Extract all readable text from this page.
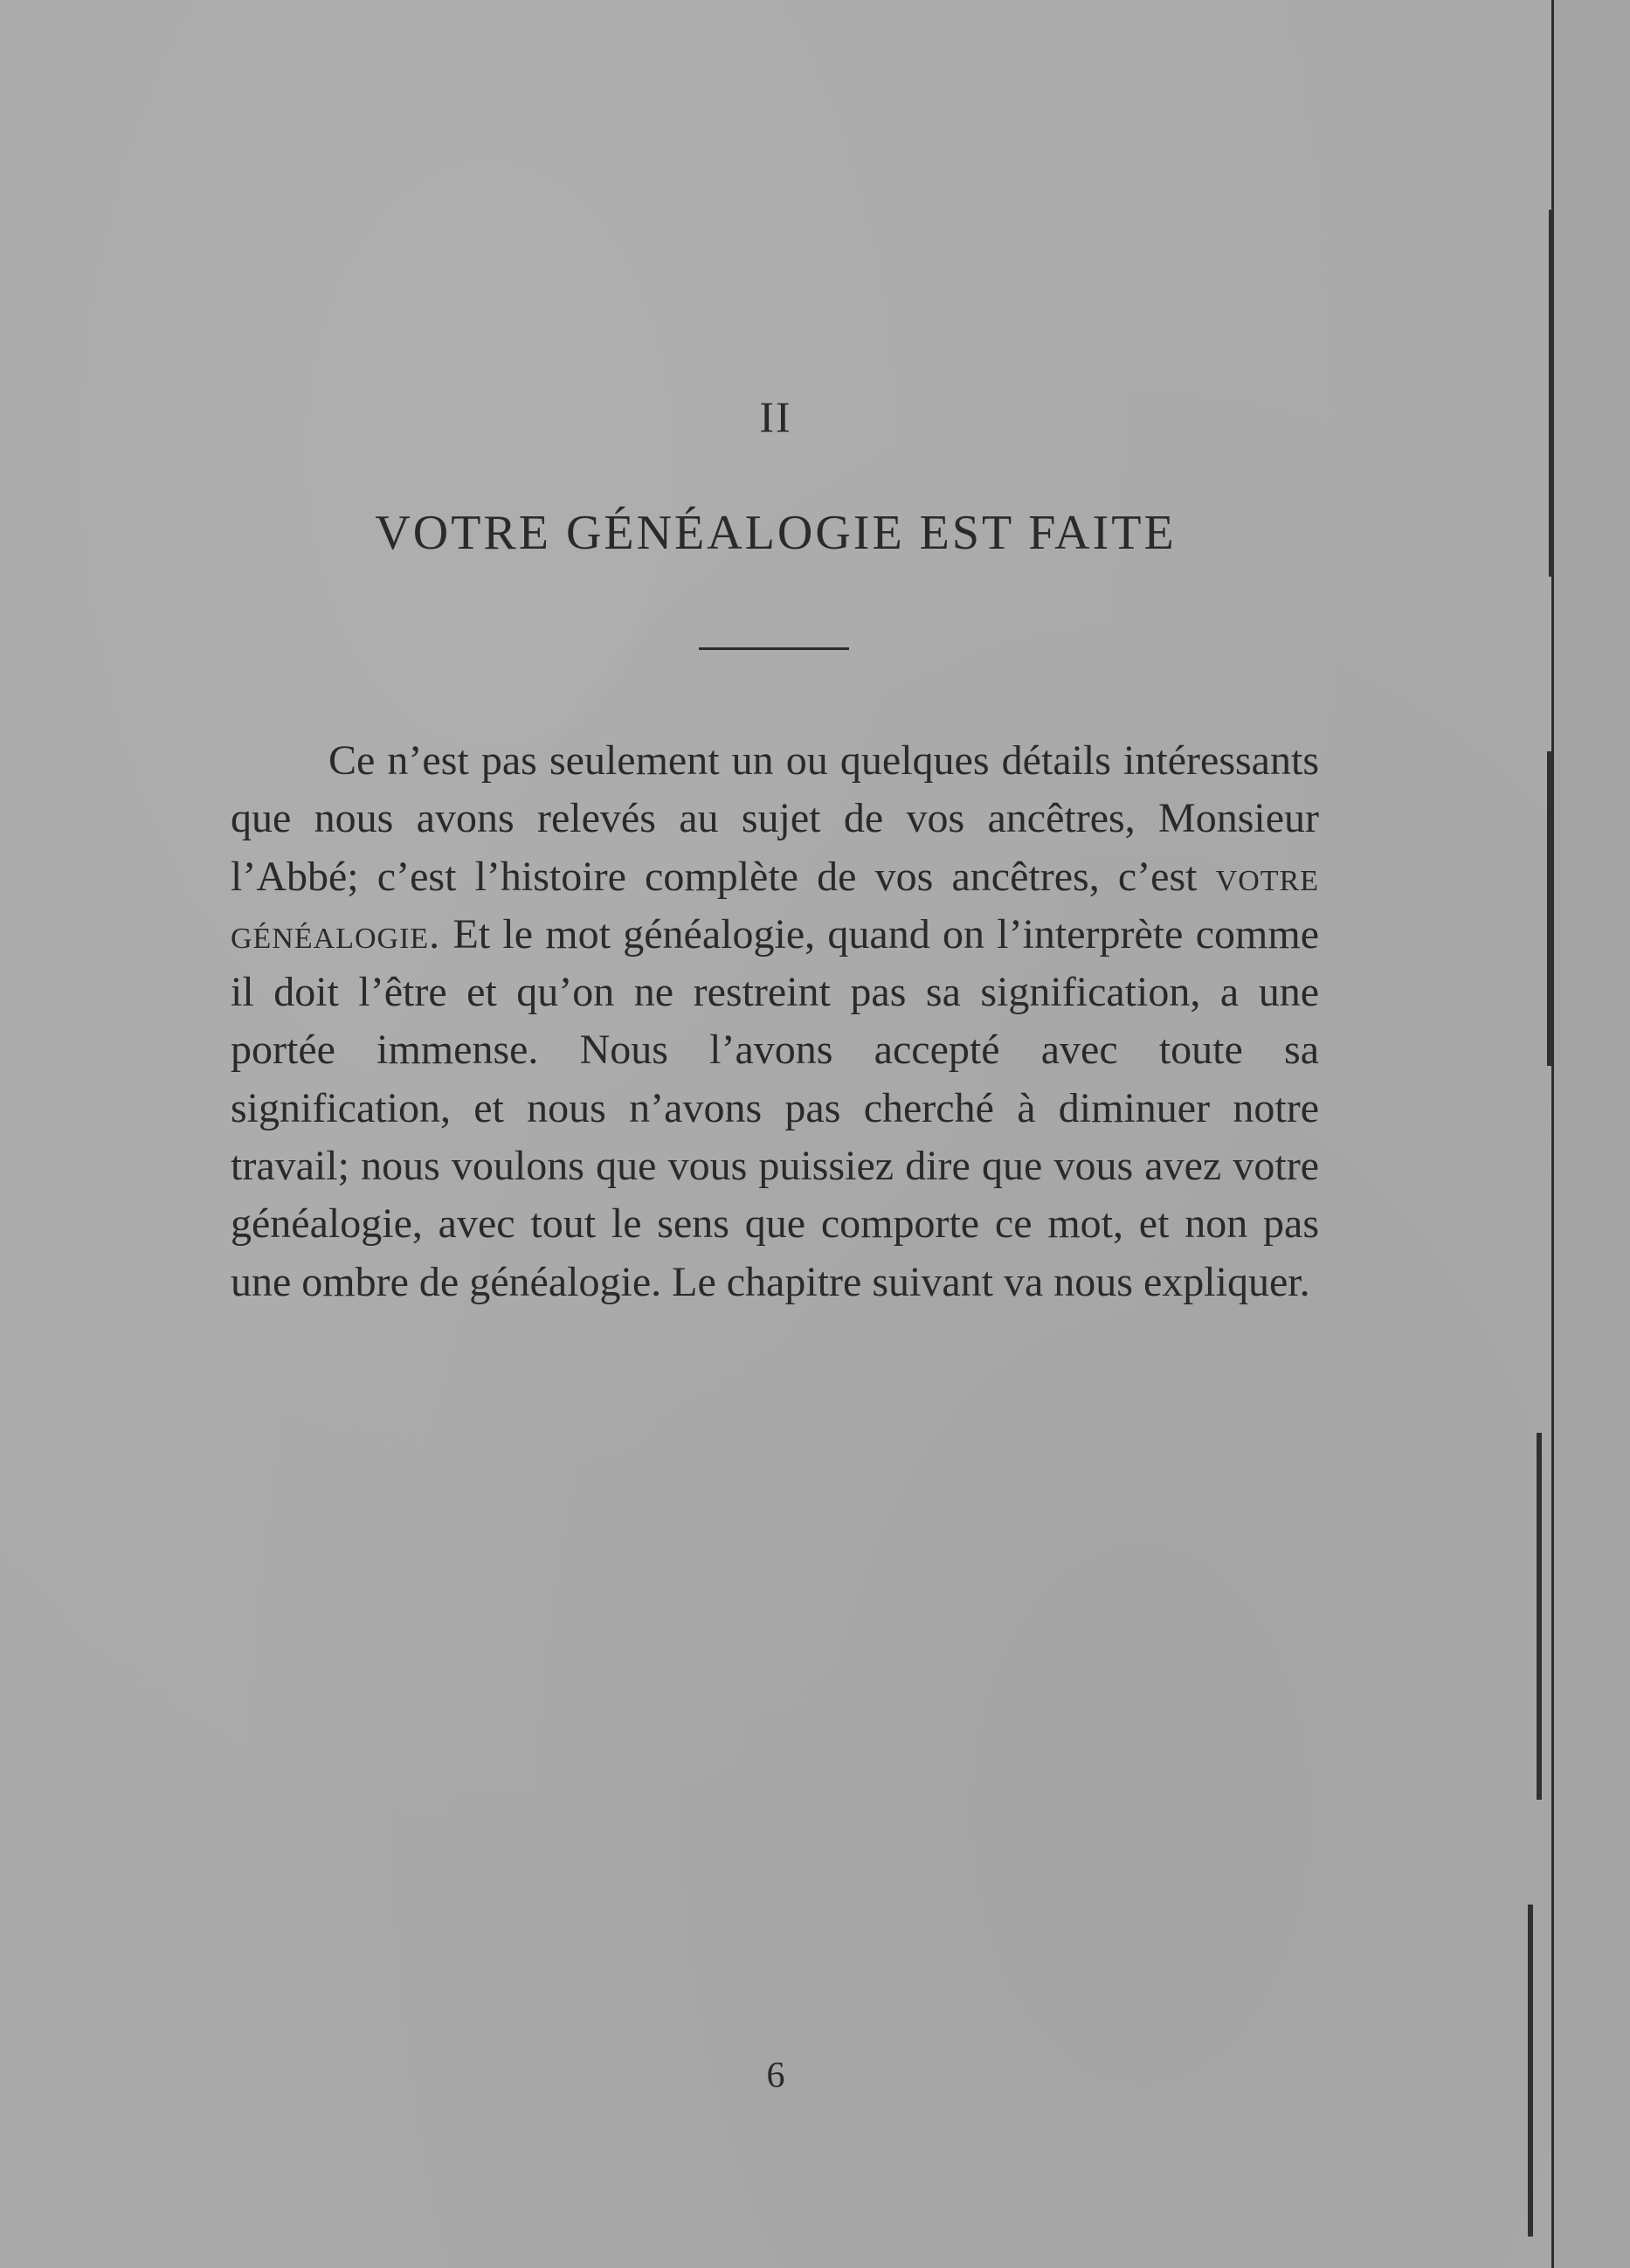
II
VOTRE GÉNÉALOGIE EST FAITE

Ce n’est pas seulement un ou quelques détails intéressants que nous avons relevés au sujet de vos ancêtres, Monsieur l’Abbé; c’est l’histoire complète de vos ancêtres, c’est votre généalogie. Et le mot généalogie, quand on l’interprète comme il doit l’être et qu’on ne restreint pas sa signification, a une portée immense. Nous l’avons accepté avec toute sa signification, et nous n’avons pas cherché à diminuer notre travail; nous voulons que vous puissiez dire que vous avez votre généalogie, avec tout le sens que comporte ce mot, et non pas une ombre de généalogie. Le chapitre suivant va nous expliquer.

6
